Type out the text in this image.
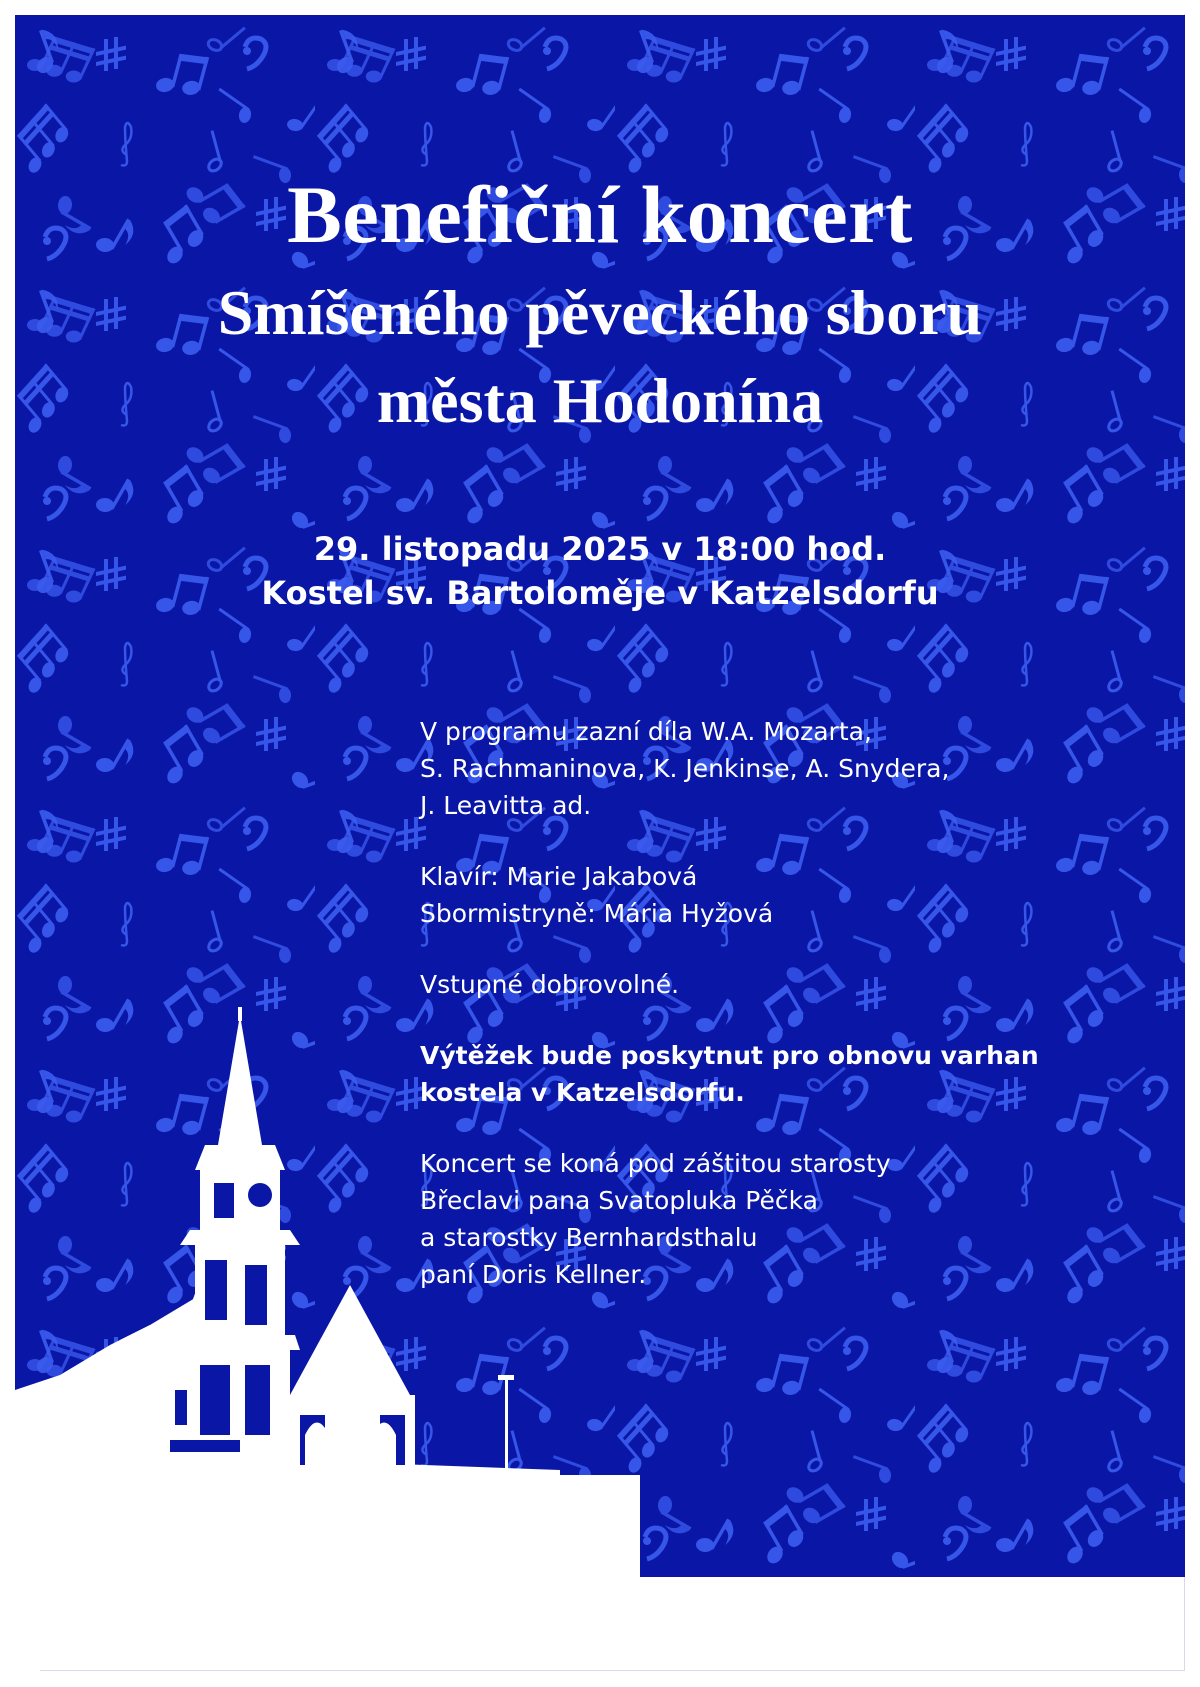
Benefiční koncert
Smíšeného pěveckého sboru
města Hodonína
29. listopadu 2025 v 18:00 hod.
Kostel sv. Bartoloměje v Katzelsdorfu

V programu zazní díla W.A. Mozarta,
S. Rachmaninova, K. Jenkinse, A. Snydera,
J. Leavitta ad.

Klavír: Marie Jakabová
Sbormistryně: Mária Hyžová

Vstupné dobrovolné.

Výtěžek bude poskytnut pro obnovu varhan
kostela v Katzelsdorfu.

Koncert se koná pod záštitou starosty
Břeclavi pana Svatopluka Pěčka
a starostky Bernhardsthalu
paní Doris Kellner.
